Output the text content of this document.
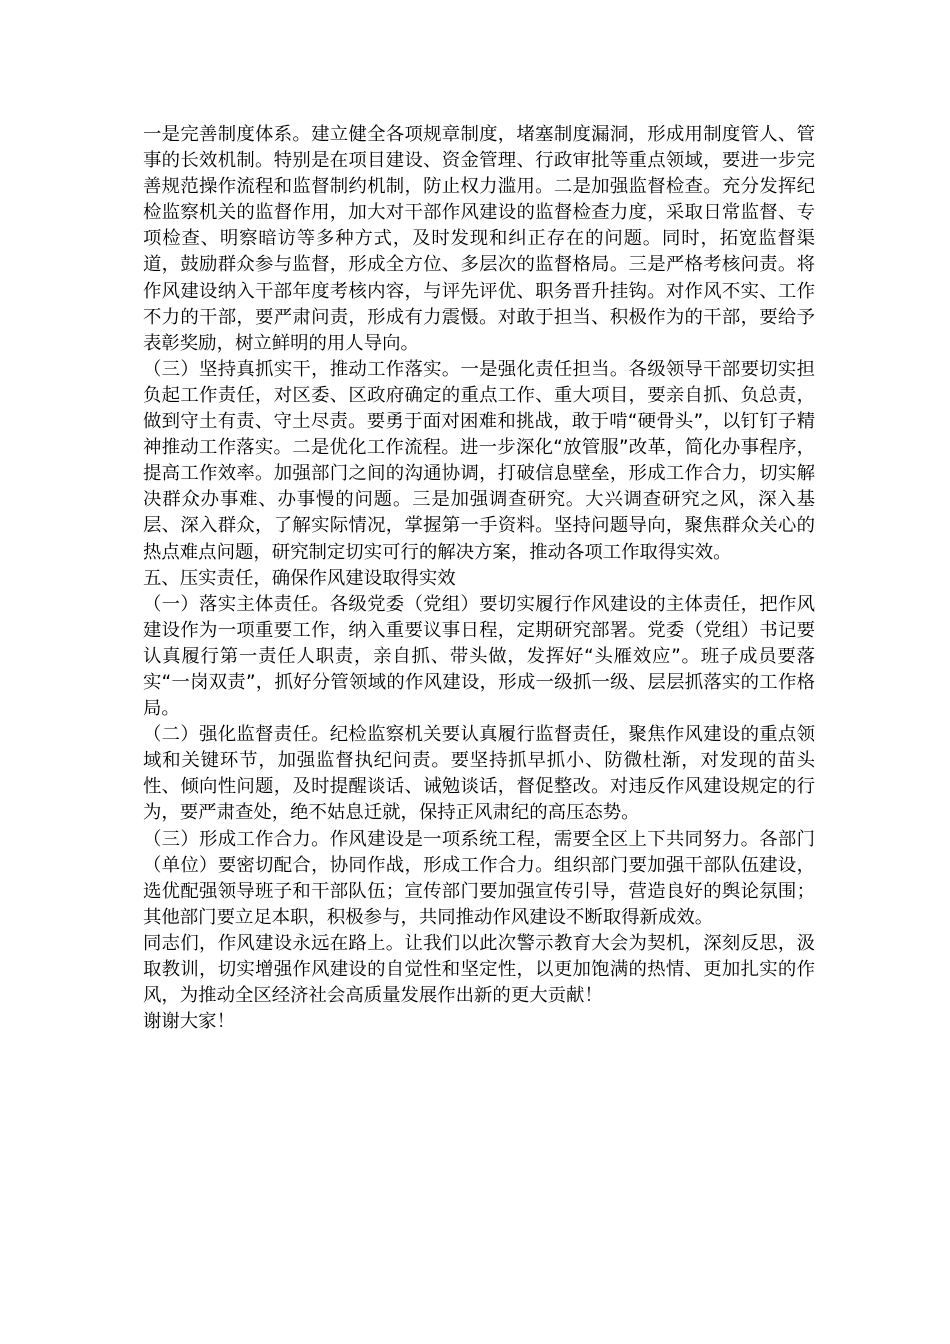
一是完善制度体系。建立健全各项规章制度，堵塞制度漏洞，形成用制度管人、管事的长效机制。特别是在项目建设、资金管理、行政审批等重点领域，要进一步完善规范操作流程和监督制约机制，防止权力滥用。二是加强监督检查。充分发挥纪检监察机关的监督作用，加大对干部作风建设的监督检查力度，采取日常监督、专项检查、明察暗访等多种方式，及时发现和纠正存在的问题。同时，拓宽监督渠道，鼓励群众参与监督，形成全方位、多层次的监督格局。三是严格考核问责。将作风建设纳入干部年度考核内容，与评先评优、职务晋升挂钩。对作风不实、工作不力的干部，要严肃问责，形成有力震慑。对敢于担当、积极作为的干部，要给予表彰奖励，树立鲜明的用人导向。

（三）坚持真抓实干，推动工作落实。一是强化责任担当。各级领导干部要切实担负起工作责任，对区委、区政府确定的重点工作、重大项目，要亲自抓、负总责，做到守土有责、守土尽责。要勇于面对困难和挑战，敢于啃“硬骨头”，以钉钉子精神推动工作落实。二是优化工作流程。进一步深化“放管服”改革，简化办事程序，提高工作效率。加强部门之间的沟通协调，打破信息壁垒，形成工作合力，切实解决群众办事难、办事慢的问题。三是加强调查研究。大兴调查研究之风，深入基层、深入群众，了解实际情况，掌握第一手资料。坚持问题导向，聚焦群众关心的热点难点问题，研究制定切实可行的解决方案，推动各项工作取得实效。

五、压实责任，确保作风建设取得实效

（一）落实主体责任。各级党委（党组）要切实履行作风建设的主体责任，把作风建设作为一项重要工作，纳入重要议事日程，定期研究部署。党委（党组）书记要认真履行第一责任人职责，亲自抓、带头做，发挥好“头雁效应”。班子成员要落实“一岗双责”，抓好分管领域的作风建设，形成一级抓一级、层层抓落实的工作格局。

（二）强化监督责任。纪检监察机关要认真履行监督责任，聚焦作风建设的重点领域和关键环节，加强监督执纪问责。要坚持抓早抓小、防微杜渐，对发现的苗头性、倾向性问题，及时提醒谈话、诫勉谈话，督促整改。对违反作风建设规定的行为，要严肃查处，绝不姑息迁就，保持正风肃纪的高压态势。

（三）形成工作合力。作风建设是一项系统工程，需要全区上下共同努力。各部门（单位）要密切配合，协同作战，形成工作合力。组织部门要加强干部队伍建设，选优配强领导班子和干部队伍；宣传部门要加强宣传引导，营造良好的舆论氛围；其他部门要立足本职，积极参与，共同推动作风建设不断取得新成效。

同志们，作风建设永远在路上。让我们以此次警示教育大会为契机，深刻反思，汲取教训，切实增强作风建设的自觉性和坚定性，以更加饱满的热情、更加扎实的作风，为推动全区经济社会高质量发展作出新的更大贡献！

谢谢大家！
